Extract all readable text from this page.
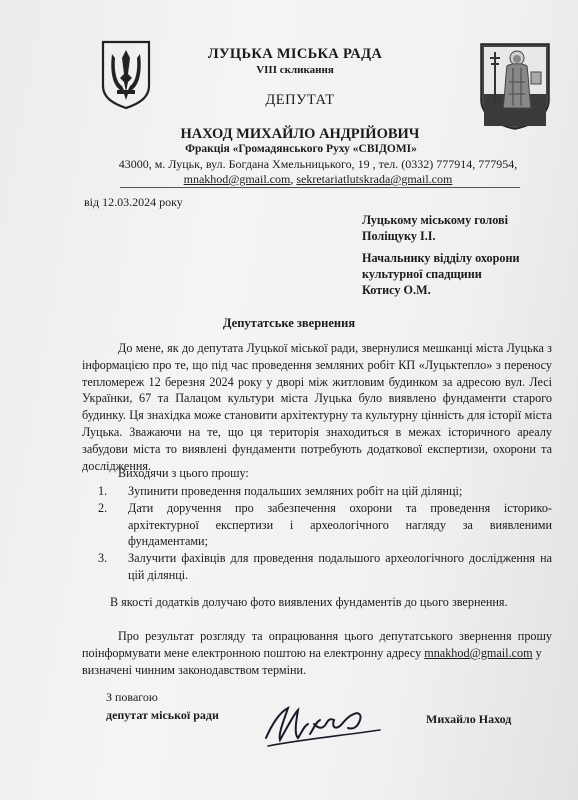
ЛУЦЬКА МІСЬКА РАДА
VIII скликання
ДЕПУТАТ
НАХОД МИХАЙЛО АНДРІЙОВИЧ
Фракція «Громадянського Руху «СВІДОМІ»
43000, м. Луцьк, вул. Богдана Хмельницького, 19 , тел. (0332) 777914, 777954,
mnakhod@gmail.com, sekretariatlutskrada@gmail.com
від 12.03.2024 року
Луцькому міському голові
Поліщуку І.І.
Начальнику відділу охорони
культурної спадщини
Котису О.М.
Депутатське звернення
До мене, як до депутата Луцької міської ради, звернулися мешканці міста Луцька з
інформацією про те, що під час проведення земляних робіт КП «Луцьктепло» з переносу
тепломереж 12 березня 2024 року у дворі між житловим будинком за адресою вул. Лесі
Українки, 67 та Палацом культури міста Луцька було виявлено фундаменти старого
будинку. Ця знахідка може становити архітектурну та культурну цінність для історії міста
Луцька. Зважаючи на те, що ця територія знаходиться в межах історичного ареалу
забудови міста то виявлені фундаменти потребують додаткової експертизи, охорони та
дослідження.
Виходячи з цього прошу:
1. Зупинити проведення подальших земляних робіт на цій ділянці;
2. Дати доручення про забезпечення охорони та проведення історико-
архітектурної експертизи і археологічного нагляду за виявленими
фундаментами;
3. Залучити фахівців для проведення подальшого археологічного дослідження на
цій ділянці.
В якості додатків долучаю фото виявлених фундаментів до цього звернення.
Про результат розгляду та опрацювання цього депутатського звернення прошу
поінформувати мене електронною поштою на електронну адресу mnakhod@gmail.com у
визначені чинним законодавством терміни.
З повагою
депутат міської ради	Михайло Наход
